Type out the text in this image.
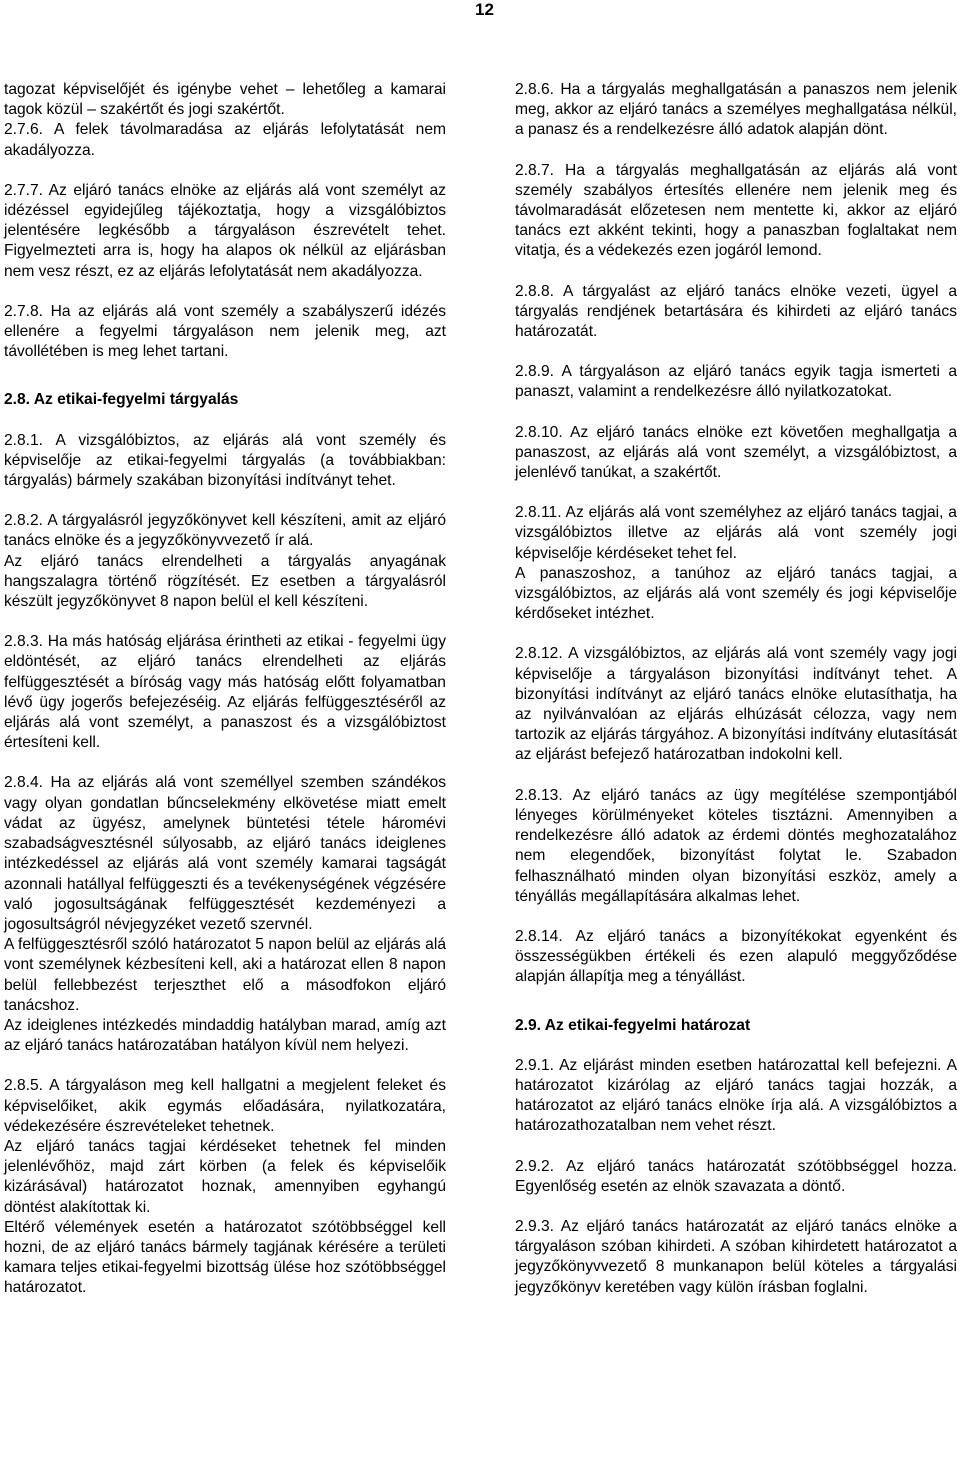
12

tagozat képviselőjét és igénybe vehet – lehetőleg a kamarai tagok közül – szakértőt és jogi szakértőt.

2.7.6. A felek távolmaradása az eljárás lefolytatását nem akadályozza.

2.7.7. Az eljáró tanács elnöke az eljárás alá vont személyt az idézéssel egyidejűleg tájékoztatja, hogy a vizsgálóbiztos jelentésére legkésőbb a tárgyaláson észrevételt tehet. Figyelmezteti arra is, hogy ha alapos ok nélkül az eljárásban nem vesz részt, ez az eljárás lefolytatását nem akadályozza.

2.7.8. Ha az eljárás alá vont személy a szabályszerű idézés ellenére a fegyelmi tárgyaláson nem jelenik meg, azt távollétében is meg lehet tartani.

2.8. Az etikai-fegyelmi tárgyalás

2.8.1. A vizsgálóbiztos, az eljárás alá vont személy és képviselője az etikai-fegyelmi tárgyalás (a továbbiakban: tárgyalás) bármely szakában bizonyítási indítványt tehet.

2.8.2. A tárgyalásról jegyzőkönyvet kell készíteni, amit az eljáró tanács elnöke és a jegyzőkönyvvezető ír alá.

Az eljáró tanács elrendelheti a tárgyalás anyagának hangszalagra történő rögzítését. Ez esetben a tárgyalásról készült jegyzőkönyvet 8 napon belül el kell készíteni.

2.8.3. Ha más hatóság eljárása érintheti az etikai - fegyelmi ügy eldöntését, az eljáró tanács elrendelheti az eljárás felfüggesztését a bíróság vagy más hatóság előtt folyamatban lévő ügy jogerős befejezéséig. Az eljárás felfüggesztéséről az eljárás alá vont személyt, a panaszost és a vizsgálóbiztost értesíteni kell.

2.8.4. Ha az eljárás alá vont személlyel szemben szándékos vagy olyan gondatlan bűncselekmény elkövetése miatt emelt vádat az ügyész, amelynek büntetési tétele háromévi szabadságvesztésnél súlyosabb, az eljáró tanács ideiglenes intézkedéssel az eljárás alá vont személy kamarai tagságát azonnali hatállyal felfüggeszti és a tevékenységének végzésére való jogosultságának felfüggesztését kezdeményezi a jogosultságról névjegyzéket vezető szervnél.

A felfüggesztésről szóló határozatot 5 napon belül az eljárás alá vont személynek kézbesíteni kell, aki a határozat ellen 8 napon belül fellebbezést terjeszthet elő a másodfokon eljáró tanácshoz.

Az ideiglenes intézkedés mindaddig hatályban marad, amíg azt az eljáró tanács határozatában hatályon kívül nem helyezi.

2.8.5. A tárgyaláson meg kell hallgatni a megjelent feleket és képviselőiket, akik egymás előadására, nyilatkozatára, védekezésére észrevételeket tehetnek.

Az eljáró tanács tagjai kérdéseket tehetnek fel minden jelenlévőhöz, majd zárt körben (a felek és képviselőik kizárásával) határozatot hoznak, amennyiben egyhangú döntést alakítottak ki.

Eltérő vélemények esetén a határozatot szótöbbséggel kell hozni, de az eljáró tanács bármely tagjának kérésére a területi kamara teljes etikai-fegyelmi bizottság ülése hoz szótöbbséggel határozatot.

2.8.6. Ha a tárgyalás meghallgatásán a panaszos nem jelenik meg, akkor az eljáró tanács a személyes meghallgatása nélkül, a panasz és a rendelkezésre álló adatok alapján dönt.

2.8.7. Ha a tárgyalás meghallgatásán az eljárás alá vont személy szabályos értesítés ellenére nem jelenik meg és távolmaradását előzetesen nem mentette ki, akkor az eljáró tanács ezt akként tekinti, hogy a panaszban foglaltakat nem vitatja, és a védekezés ezen jogáról lemond.

2.8.8. A tárgyalást az eljáró tanács elnöke vezeti, ügyel a tárgyalás rendjének betartására és kihirdeti az eljáró tanács határozatát.

2.8.9. A tárgyaláson az eljáró tanács egyik tagja ismerteti a panaszt, valamint a rendelkezésre álló nyilatkozatokat.

2.8.10. Az eljáró tanács elnöke ezt követően meghallgatja a panaszost, az eljárás alá vont személyt, a vizsgálóbiztost, a jelenlévő tanúkat, a szakértőt.

2.8.11. Az eljárás alá vont személyhez az eljáró tanács tagjai, a vizsgálóbiztos illetve az eljárás alá vont személy jogi képviselője kérdéseket tehet fel.

A panaszoshoz, a tanúhoz az eljáró tanács tagjai, a vizsgálóbiztos, az eljárás alá vont személy és jogi képviselője kérdőseket intézhet.

2.8.12. A vizsgálóbiztos, az eljárás alá vont személy vagy jogi képviselője a tárgyaláson bizonyítási indítványt tehet. A bizonyítási indítványt az eljáró tanács elnöke elutasíthatja, ha az nyilvánvalóan az eljárás elhúzását célozza, vagy nem tartozik az eljárás tárgyához. A bizonyítási indítvány elutasítását az eljárást befejező határozatban indokolni kell.

2.8.13. Az eljáró tanács az ügy megítélése szempontjából lényeges körülményeket köteles tisztázni. Amennyiben a rendelkezésre álló adatok az érdemi döntés meghozatalához nem elegendőek, bizonyítást folytat le. Szabadon felhasználható minden olyan bizonyítási eszköz, amely a tényállás megállapítására alkalmas lehet.

2.8.14. Az eljáró tanács a bizonyítékokat egyenként és összességükben értékeli és ezen alapuló meggyőződése alapján állapítja meg a tényállást.

2.9. Az etikai-fegyelmi határozat

2.9.1. Az eljárást minden esetben határozattal kell befejezni. A határozatot kizárólag az eljáró tanács tagjai hozzák, a határozatot az eljáró tanács elnöke írja alá. A vizsgálóbiztos a határozathozatalban nem vehet részt.

2.9.2. Az eljáró tanács határozatát szótöbbséggel hozza. Egyenlőség esetén az elnök szavazata a döntő.

2.9.3. Az eljáró tanács határozatát az eljáró tanács elnöke a tárgyaláson szóban kihirdeti. A szóban kihirdetett határozatot a jegyzőkönyvvezető 8 munkanapon belül köteles a tárgyalási jegyzőkönyv keretében vagy külön írásban foglalni.
